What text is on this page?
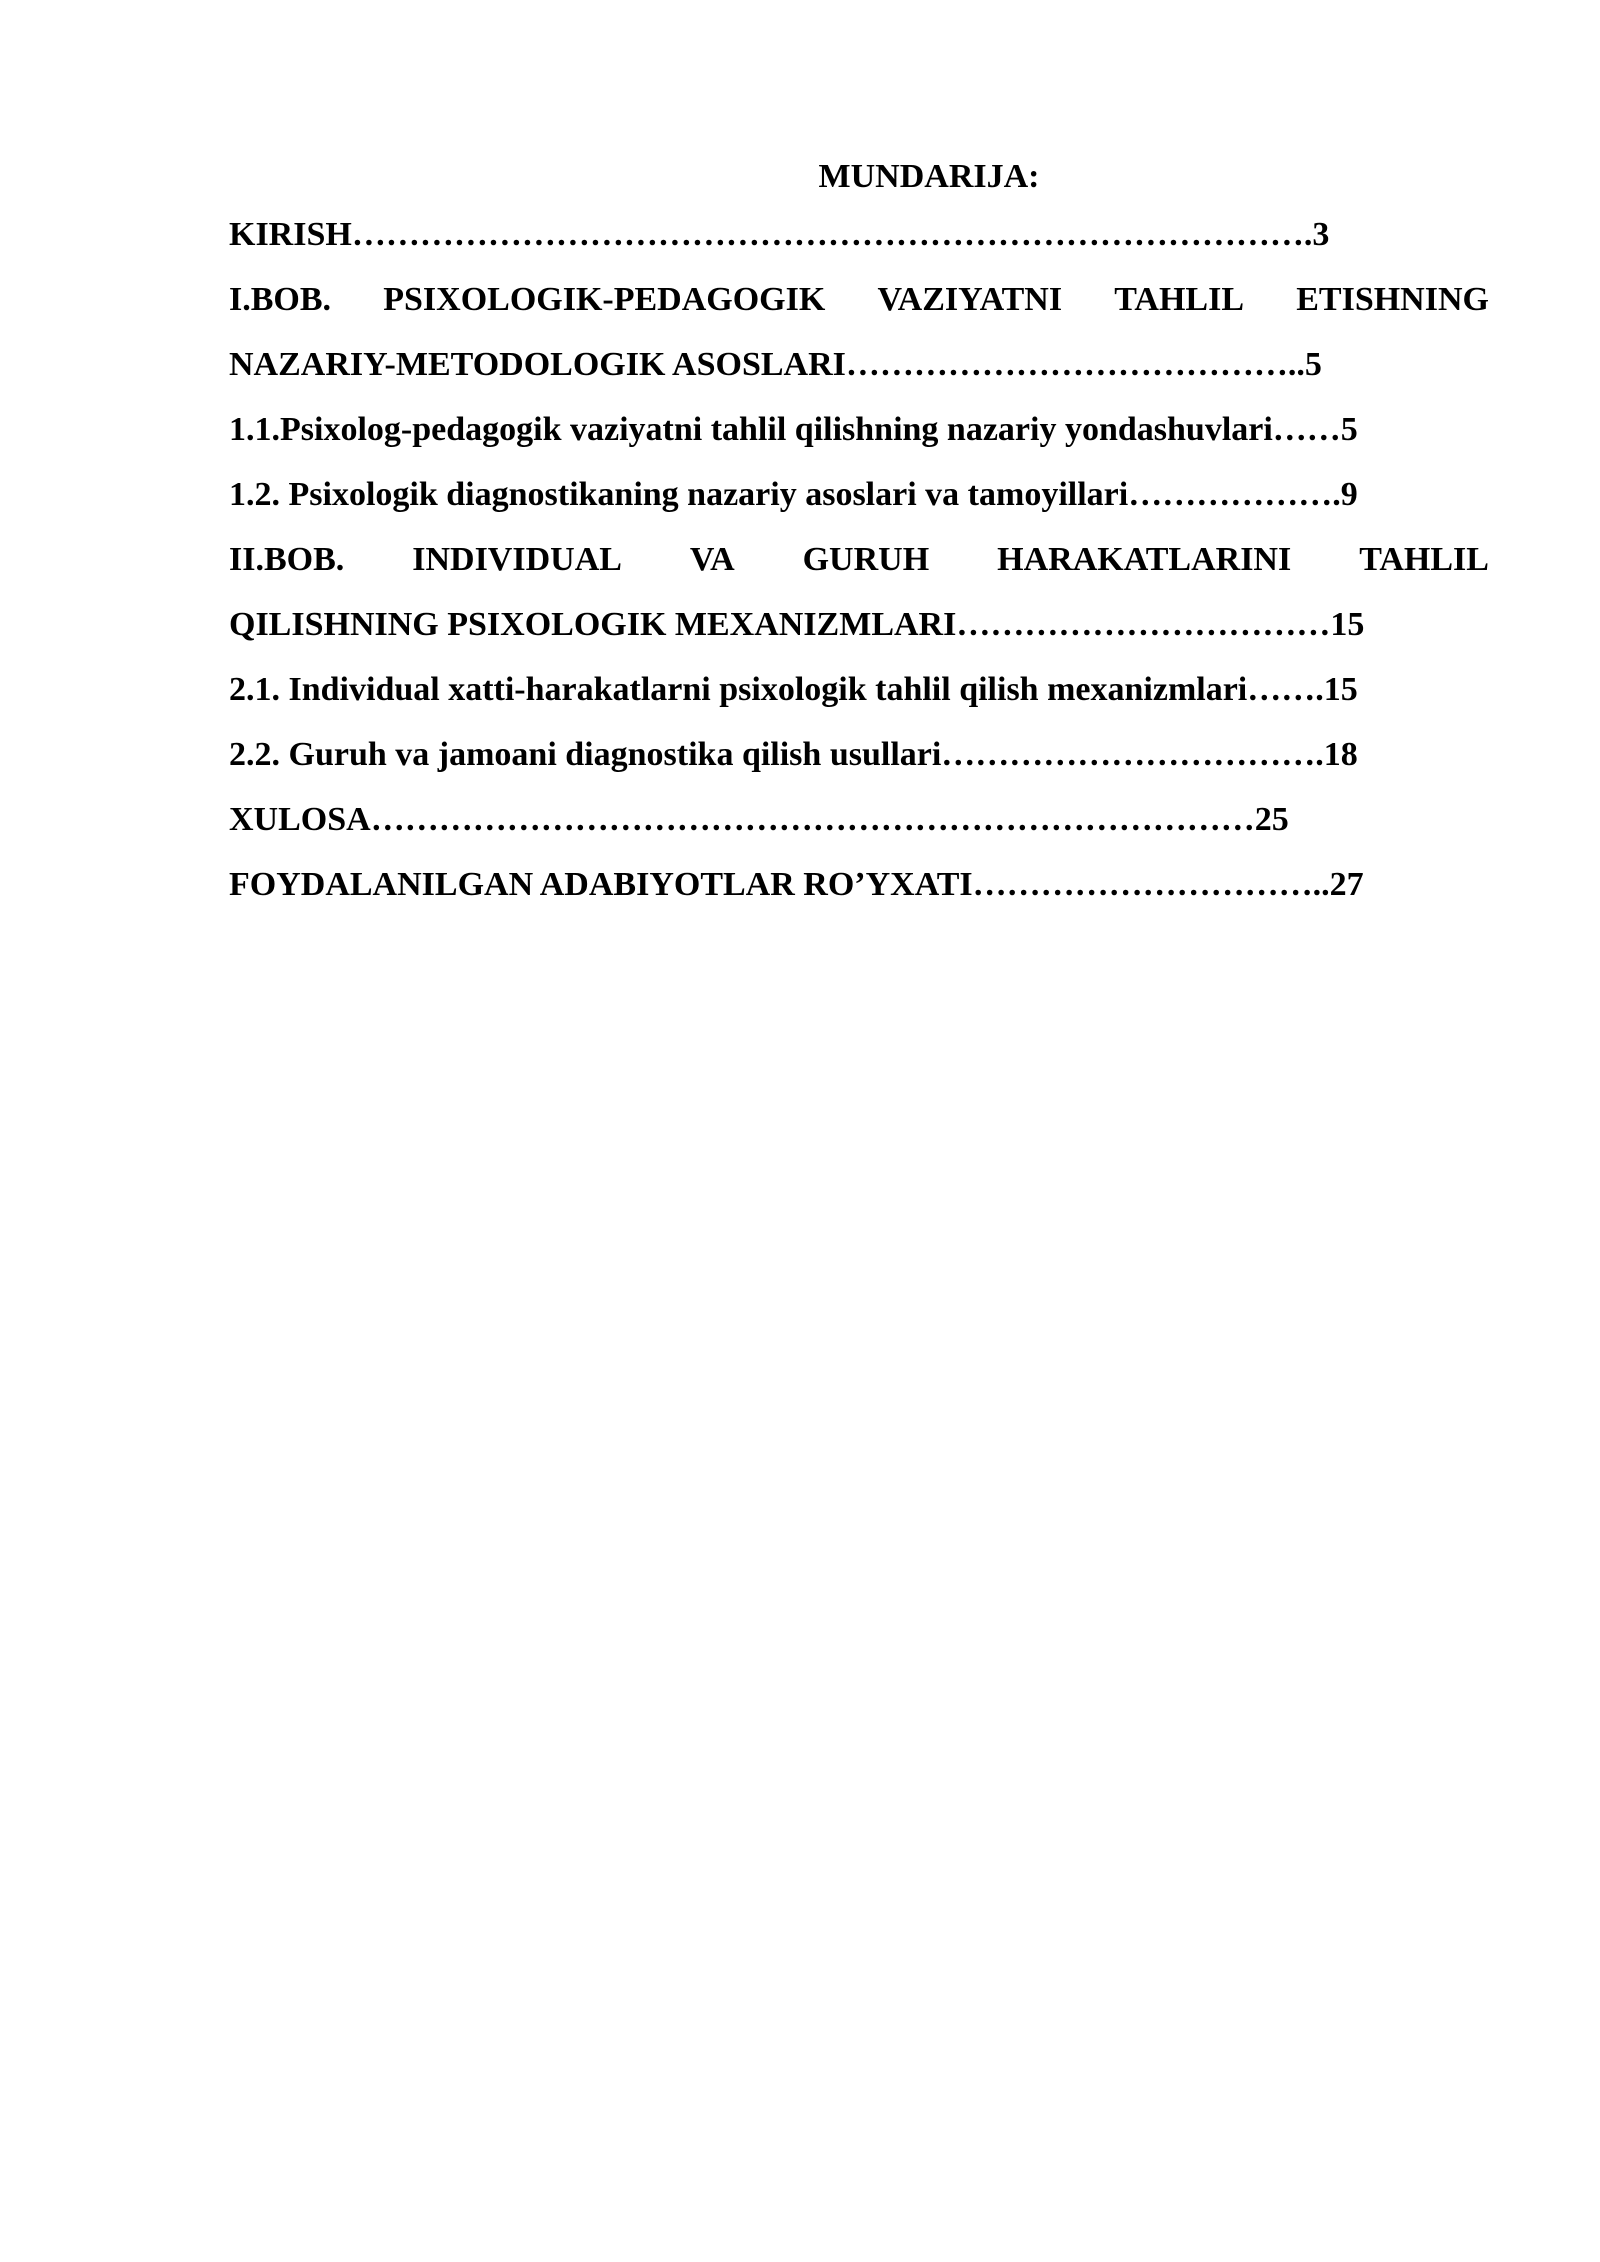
MUNDARIJA:
KIRISH………………………………………………………………………….3
I.BOB. PSIXOLOGIK-PEDAGOGIK VAZIYATNI TAHLIL ETISHNING
NAZARIY-METODOLOGIK ASOSLARI…………………………………..5
1.1.Psixolog-pedagogik vaziyatni tahlil qilishning nazariy yondashuvlari……5
1.2. Psixologik diagnostikaning nazariy asoslari va tamoyillari……………….9
II.BOB. INDIVIDUAL VA GURUH HARAKATLARINI TAHLIL
QILISHNING PSIXOLOGIK MEXANIZMLARI……………………………15
2.1. Individual xatti-harakatlarni psixologik tahlil qilish mexanizmlari…….15
2.2. Guruh va jamoani diagnostika qilish usullari…………………………….18
XULOSA……………………………………………………………………25
FOYDALANILGAN ADABIYOTLAR RO’YXATI…………………………..27
